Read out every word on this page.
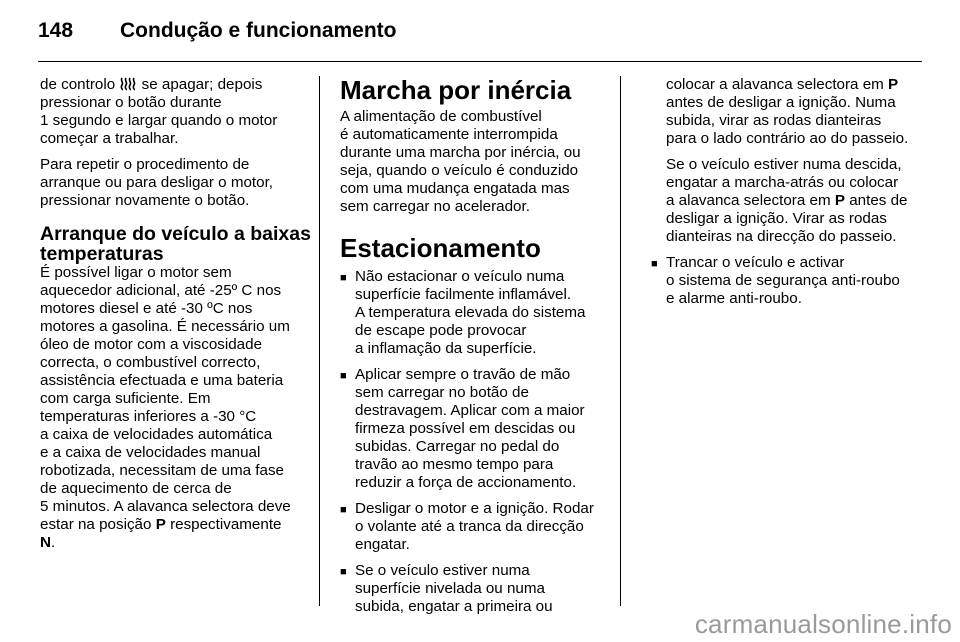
148 Condução e funcionamento

de controlo se apagar; depois
pressionar o botão durante
1 segundo e largar quando o motor
começar a trabalhar.

Para repetir o procedimento de
arranque ou para desligar o motor,
pressionar novamente o botão.

Arranque do veículo a baixas
temperaturas

É possível ligar o motor sem
aquecedor adicional, até -25º C nos
motores diesel e até -30 ºC nos
motores a gasolina. É necessário um
óleo de motor com a viscosidade
correcta, o combustível correcto,
assistência efectuada e uma bateria
com carga suficiente. Em
temperaturas inferiores a -30 °C
a caixa de velocidades automática
e a caixa de velocidades manual
robotizada, necessitam de uma fase
de aquecimento de cerca de
5 minutos. A alavanca selectora deve
estar na posição P respectivamente
N.

Marcha por inércia

A alimentação de combustível
é automaticamente interrompida
durante uma marcha por inércia, ou
seja, quando o veículo é conduzido
com uma mudança engatada mas
sem carregar no acelerador.

Estacionamento
■ Não estacionar o veículo numa
superfície facilmente inflamável.
A temperatura elevada do sistema
de escape pode provocar
a inflamação da superfície.
■ Aplicar sempre o travão de mão
sem carregar no botão de
destravagem. Aplicar com a maior
firmeza possível em descidas ou
subidas. Carregar no pedal do
travão ao mesmo tempo para
reduzir a força de accionamento.
■ Desligar o motor e a ignição. Rodar
o volante até a tranca da direcção
engatar.
■ Se o veículo estiver numa
superfície nivelada ou numa
subida, engatar a primeira ou
colocar a alavanca selectora em P
antes de desligar a ignição. Numa
subida, virar as rodas dianteiras
para o lado contrário ao do passeio.
Se o veículo estiver numa descida,
engatar a marcha-atrás ou colocar
a alavanca selectora em P antes de
desligar a ignição. Virar as rodas
dianteiras na direcção do passeio.
■ Trancar o veículo e activar
o sistema de segurança anti-roubo
e alarme anti-roubo.
carmanualsonline.info
